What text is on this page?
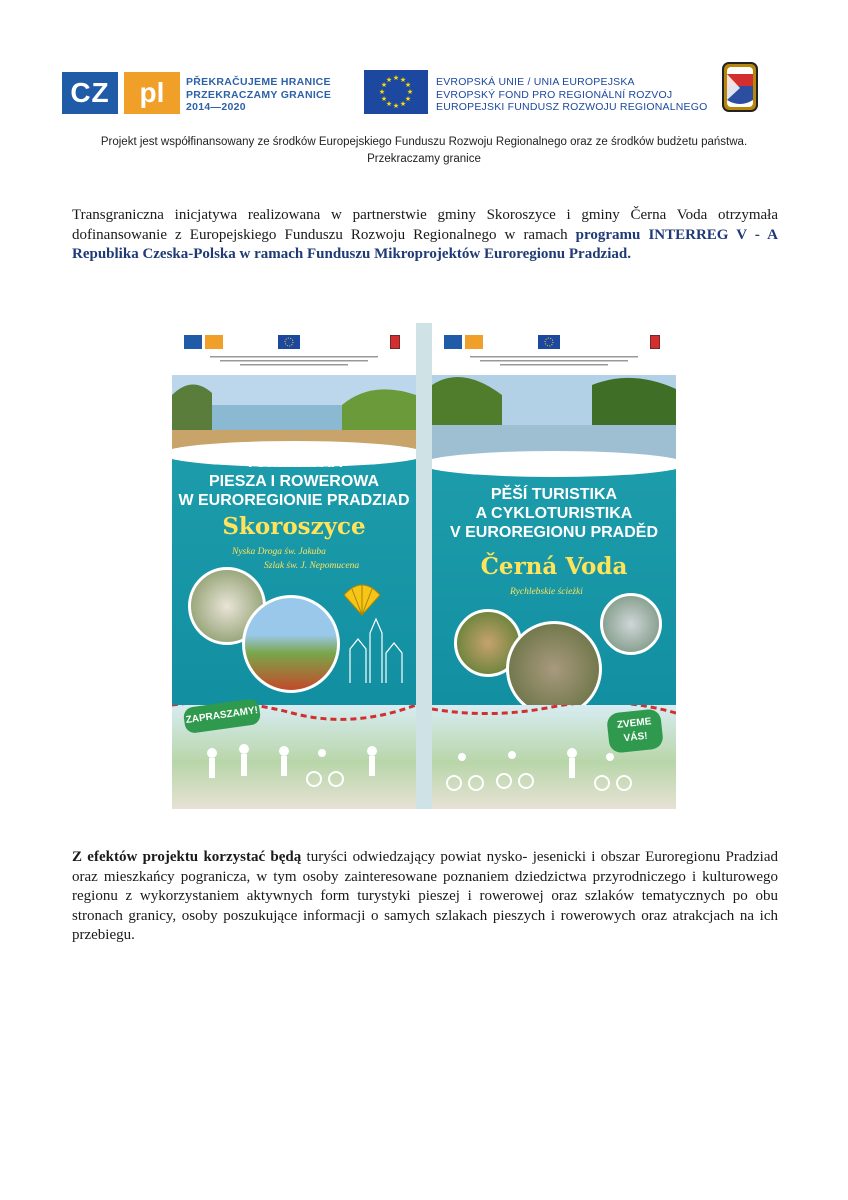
CZ	pl	PŘEKRAČUJEME HRANICE
PRZEKRACZAMY GRANICE
2014—2020
★ ★
★
★
★
★
★
★
★
★
★
★	EVROPSKÁ UNIE / UNIA EUROPEJSKA
EVROPSKÝ FOND PRO REGIONÁLNÍ ROZVOJ
EUROPEJSKI FUNDUSZ ROZWOJU REGIONALNEGO
Projekt jest współfinansowany ze środków Europejskiego Funduszu Rozwoju Regionalnego oraz ze środków budżetu państwa.
Przekraczamy granice
Transgraniczna inicjatywa realizowana w partnerstwie gminy Skoroszyce i gminy Černa Voda otrzymała dofinansowanie z Europejskiego Funduszu Rozwoju Regionalnego w ramach programu INTERREG V - A Republika Czeska-Polska w ramach Funduszu Mikroprojektów Euroregionu Pradziad.
TURYSTYKA
PIESZA I ROWEROWA
W EUROREGIONIE PRADZIAD
Skoroszyce
Nyska Droga św. Jakuba
Szlak św. J. Nepomucena
ZAPRASZAMY!
PĚŠÍ TURISTIKA
A CYKLOTURISTIKA
V EUROREGIONU PRADĚD
Černá Voda
Rychlebskie ścieżki
ZVEME
VÁS!
Z efektów projektu korzystać będą turyści odwiedzający powiat nysko- jesenicki i obszar Euroregionu Pradziad oraz mieszkańcy pogranicza, w tym osoby zainteresowane poznaniem dziedzictwa przyrodniczego i kulturowego regionu z wykorzystaniem aktywnych form turystyki pieszej i rowerowej oraz szlaków tematycznych po obu stronach granicy, osoby poszukujące informacji o samych szlakach pieszych i rowerowych oraz atrakcjach na ich przebiegu.
